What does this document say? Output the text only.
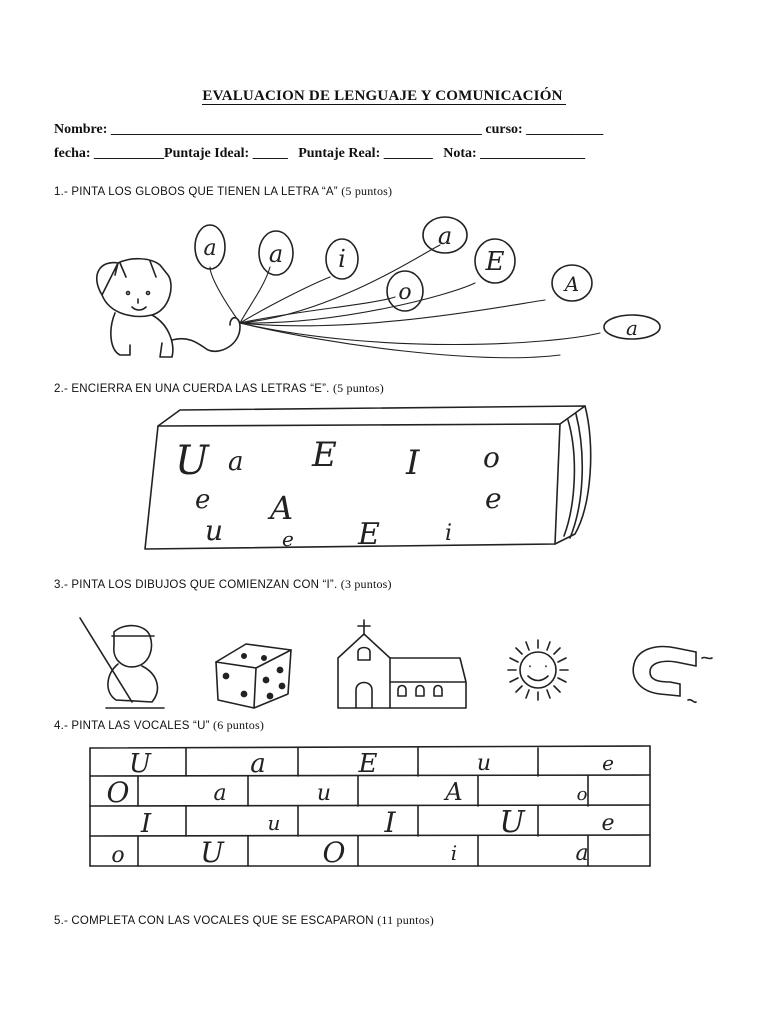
EVALUACION DE LENGUAJE Y COMUNICACIÓN
Nombre: _____________________________________________________ curso: ___________
fecha: __________Puntaje Ideal: _____   Puntaje Real: _______   Nota: _______________
1.- PINTA LOS GLOBOS QUE TIENEN LA LETRA “A” (5 puntos)
a a i
o
a
E
A
a
2.- ENCIERRA EN UNA CUERDA LAS LETRAS “E”. (5 puntos)
U a E I o
e A	e
u	e E	i
3.- PINTA LOS DIBUJOS QUE COMIENZAN CON “I”. (3 puntos)
4.- PINTA LAS VOCALES “U” (6 puntos)
U	a	E	u	e
O	a	u	A	o
I	u	I	U	e
o	U	O	i	a
5.- COMPLETA CON LAS VOCALES QUE SE ESCAPARON (11 puntos)
